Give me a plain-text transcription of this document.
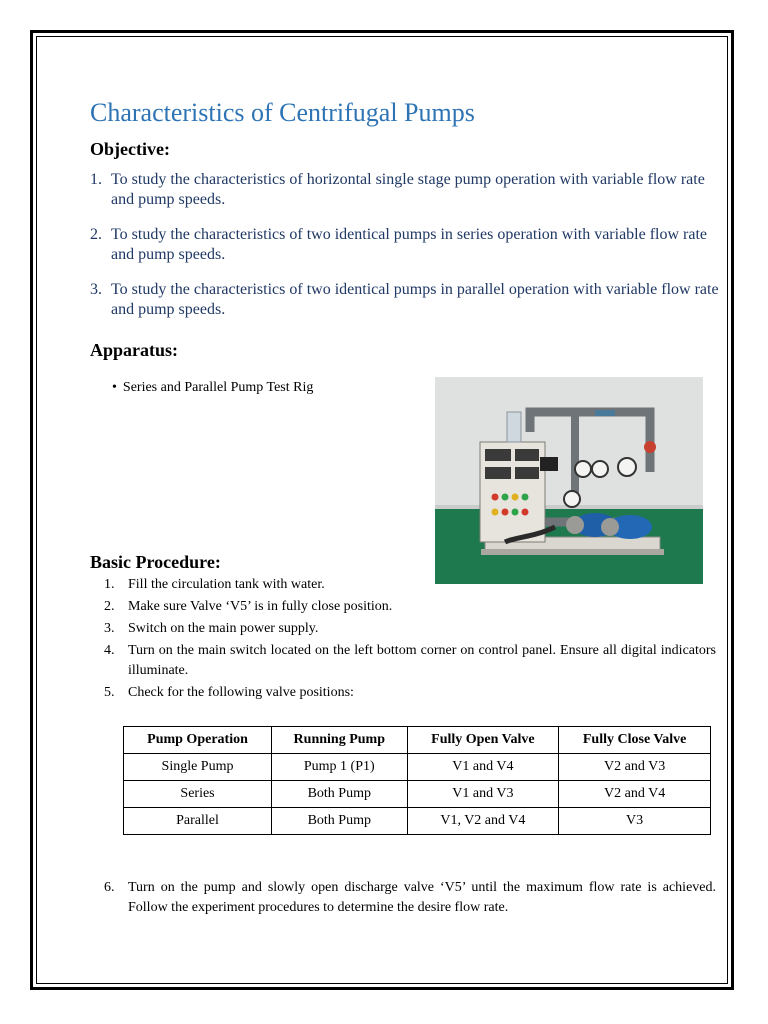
Characteristics of Centrifugal Pumps
Objective:
1. To study the characteristics of horizontal single stage pump operation with variable flow rate and pump speeds.
2. To study the characteristics of two identical pumps in series operation with variable flow rate and pump speeds.
3. To study the characteristics of two identical pumps in parallel operation with variable flow rate and pump speeds.
Apparatus:
• Series and Parallel Pump Test Rig
Basic Procedure:
1. Fill the circulation tank with water.
2. Make sure Valve ‘V5’ is in fully close position.
3. Switch on the main power supply.
4. Turn on the main switch located on the left bottom corner on control panel. Ensure all digital indicators illuminate.
5. Check for the following valve positions:
Pump Operation	Running Pump	Fully Open Valve	Fully Close Valve
Single Pump	Pump 1 (P1)	V1 and V4	V2 and V3
Series	Both Pump	V1 and V3	V2 and V4
Parallel	Both Pump	V1, V2 and V4	V3
6. Turn on the pump and slowly open discharge valve ‘V5’ until the maximum flow rate is achieved. Follow the experiment procedures to determine the desire flow rate.
